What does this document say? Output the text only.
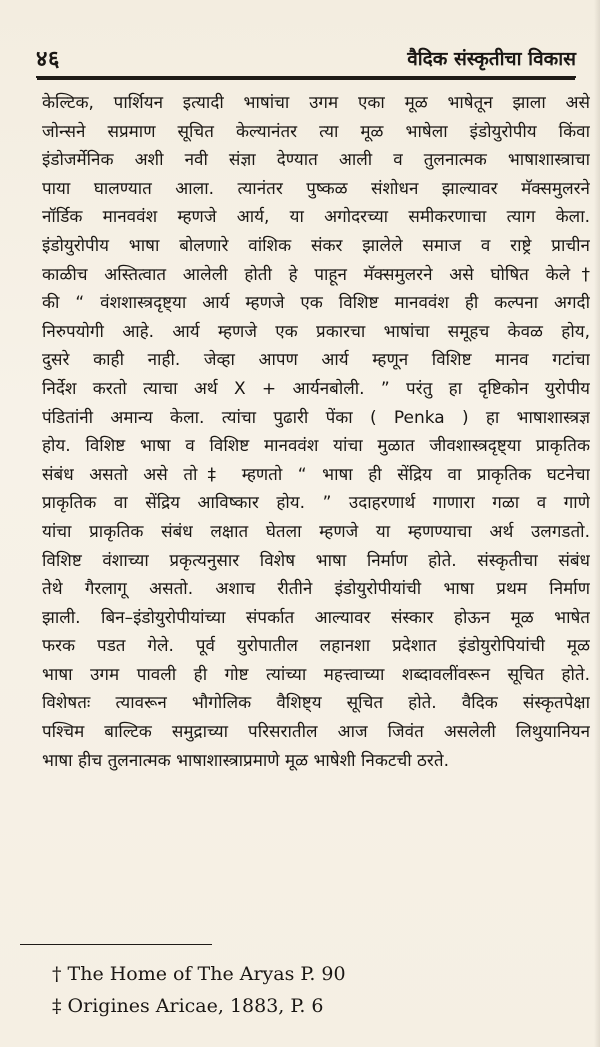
४६	वैदिक संस्कृतीचा विकास
केल्टिक, पार्शियन इत्यादी भाषांचा उगम एका मूळ भाषेतून झाला असे
जोन्सने सप्रमाण सूचित केल्यानंतर त्या मूळ भाषेला इंडोयुरोपीय किंवा
इंडोजर्मेनिक अशी नवी संज्ञा देण्यात आली व तुलनात्मक भाषाशास्त्राचा
पाया घालण्यात आला. त्यानंतर पुष्कळ संशोधन झाल्यावर मॅक्समुलरने
नॉर्डिक मानववंश म्हणजे आर्य, या अगोदरच्या समीकरणाचा त्याग केला.
इंडोयुरोपीय भाषा बोलणारे वांशिक संकर झालेले समाज व राष्ट्रे प्राचीन
काळीच अस्तित्वात आलेली होती हे पाहून मॅक्समुलरने असे घोषित केले†
की “ वंशशास्त्रदृष्ट्या आर्य म्हणजे एक विशिष्ट मानववंश ही कल्पना अगदी
निरुपयोगी आहे. आर्य म्हणजे एक प्रकारचा भाषांचा समूहच केवळ होय,
दुसरे काही नाही. जेव्हा आपण आर्य म्हणून विशिष्ट मानव गटांचा
निर्देश करतो त्याचा अर्थ X + आर्यनबोली. ” परंतु हा दृष्टिकोन युरोपीय
पंडितांनी अमान्य केला. त्यांचा पुढारी पेंका ( Penka ) हा भाषाशास्त्रज्ञ
होय. विशिष्ट भाषा व विशिष्ट मानववंश यांचा मुळात जीवशास्त्रदृष्ट्या प्राकृतिक
संबंध असतो असे तो‡ म्हणतो “ भाषा ही सेंद्रिय वा प्राकृतिक घटनेचा
प्राकृतिक वा सेंद्रिय आविष्कार होय. ” उदाहरणार्थ गाणारा गळा व गाणे
यांचा प्राकृतिक संबंध लक्षात घेतला म्हणजे या म्हणण्याचा अर्थ उलगडतो.
विशिष्ट वंशाच्या प्रकृत्यनुसार विशेष भाषा निर्माण होते. संस्कृतीचा संबंध
तेथे गैरलागू असतो. अशाच रीतीने इंडोयुरोपीयांची भाषा प्रथम निर्माण
झाली. बिन–इंडोयुरोपीयांच्या संपर्कात आल्यावर संस्कार होऊन मूळ भाषेत
फरक पडत गेले. पूर्व युरोपातील लहानशा प्रदेशात इंडोयुरोपियांची मूळ
भाषा उगम पावली ही गोष्ट त्यांच्या महत्त्वाच्या शब्दावलींवरून सूचित होते.
विशेषतः त्यावरून भौगोलिक वैशिष्ट्य सूचित होते. वैदिक संस्कृतपेक्षा
पश्चिम बाल्टिक समुद्राच्या परिसरातील आज जिवंत असलेली लिथुयानियन
भाषा हीच तुलनात्मक भाषाशास्त्राप्रमाणे मूळ भाषेशी निकटची ठरते.
† The Home of The Aryas P. 90
‡ Origines Aricae, 1883, P. 6
